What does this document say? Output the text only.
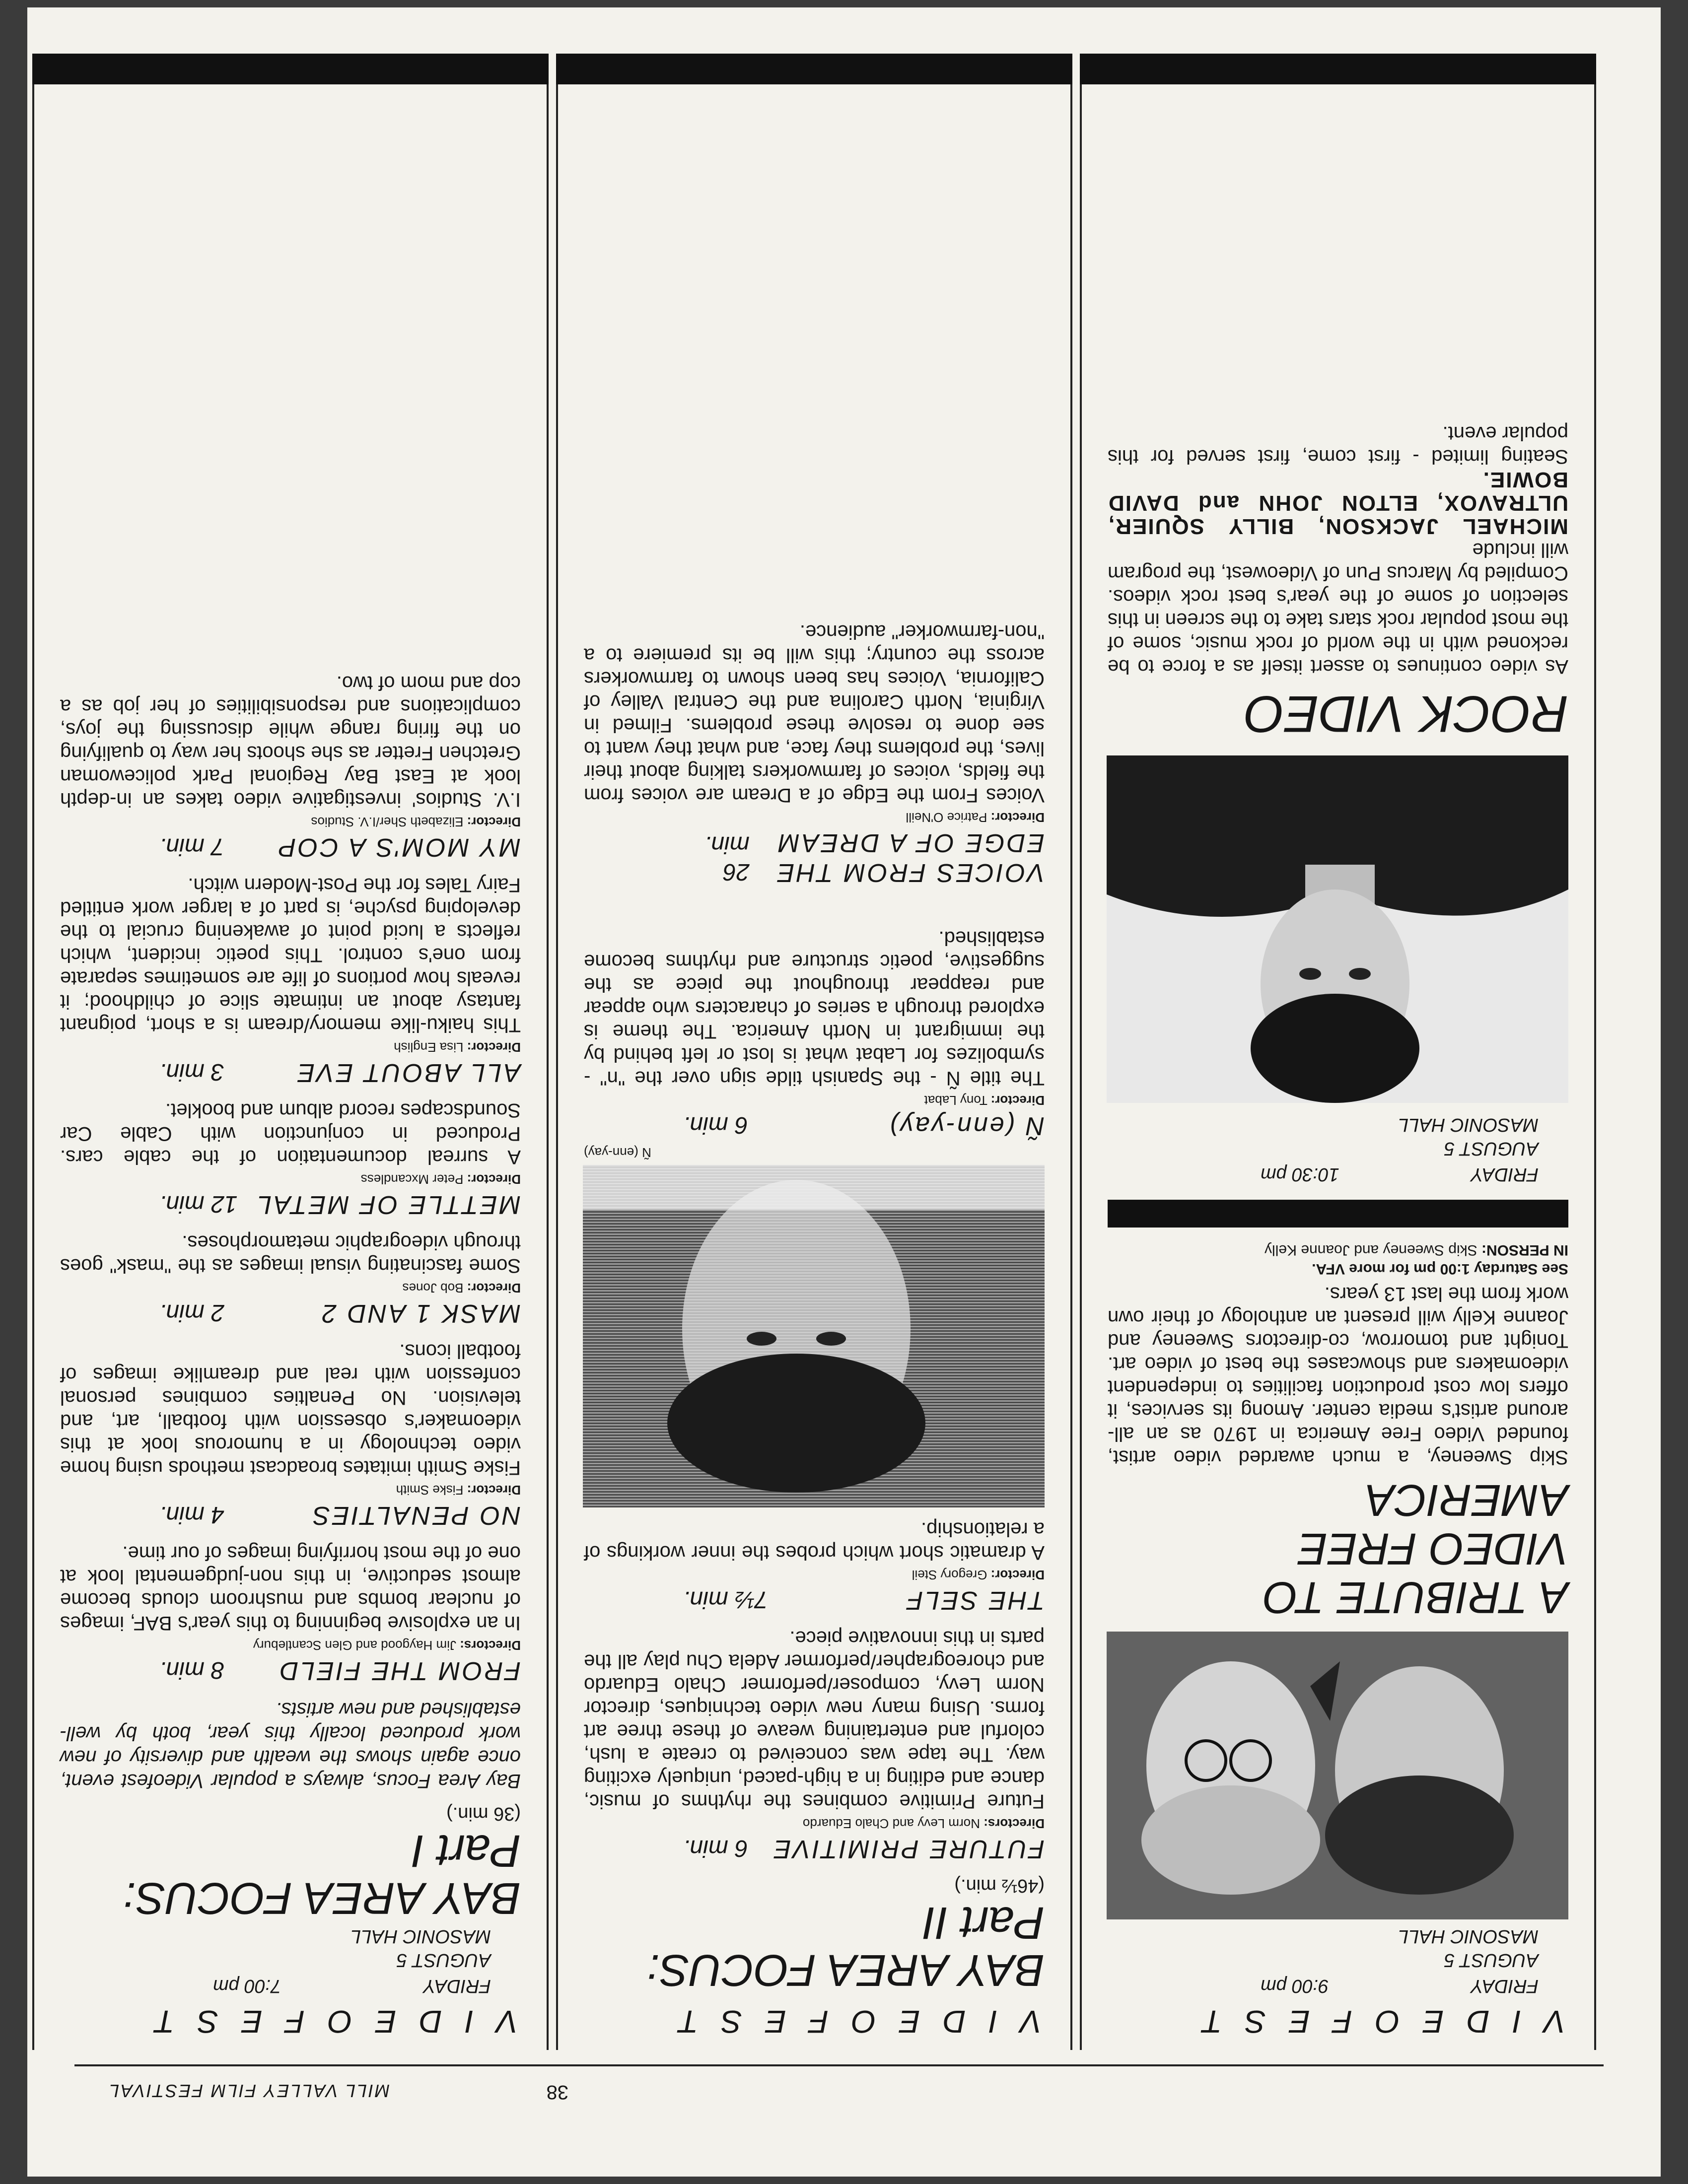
MILL VALLEY FILM FESTIVAL	38
VIDEOFEST
FRIDAY
7:00 pm
AUGUST 5
MASONIC HALL
BAY AREA FOCUS:
Part I
(36 min.)
Bay Area Focus, always a popular Videofest event, once again shows the wealth and diversity of new work produced locally this year, both by well-established and new artists.
FROM THE FIELD
8 min.
Directors: Jim Haygood and Glen Scantlebury
In an explosive beginning to this year's BAF, images of nuclear bombs and mushroom clouds become almost seductive, in this non-judgemental look at one of the most horrifying images of our time.
NO PENALTIES
4 min.
Director: Fiske Smith
Fiske Smith imitates broadcast methods using home video technology in a humorous look at this videomaker's obsession with football, art, and television. No Penalties combines personal confession with real and dreamlike images of football icons.
MASK 1 AND 2
2 min.
Director: Bob Jones
Some fascinating visual images as the "mask" goes through videographic metamorphoses.
METTLE OF METAL
12 min.
Director: Peter Mxcandless
A surreal documentation of the cable cars. Produced in conjunction with Cable Car Soundscapes record album and booklet.
ALL ABOUT EVE
3 min.
Director: Lisa English
This haiku-like memory/dream is a short, poignant fantasy about an intimate slice of childhood; it reveals how portions of life are sometimes separate from one's control. This poetic incident, which reflects a lucid point of awakening crucial to the developing psyche, is part of a larger work entitled Fairy Tales for the Post-Modern witch.
MY MOM'S A COP
7 min.
Director: Elizabeth Sher/I.V. Studios
I.V. Studios' investigative video takes an in-depth look at East Bay Regional Park policewoman Gretchen Fretter as she shoots her way to qualifying on the firing range while discussing the joys, complications and responsibilities of her job as a cop and mom of two.
VIDEOFEST
BAY AREA FOCUS:
Part II
(46½ min.)
FUTURE PRIMITIVE
6 min.
Directors: Norm Levy and Chalo Eduardo
Future Primitive combines the rhythms of music, dance and editing in a high-paced, uniquely exciting way. The tape was conceived to create a lush, colorful and entertaining weave of these three art forms. Using many new video techniques, director Norm Levy, composer/performer Chalo Eduardo and choreographer/performer Adela Chu play all the parts in this innovative piece.
THE SELF
7½ min.
Director: Gregory Steil
A dramatic short which probes the inner workings of a relationship.
Ñ (enn-yay)
Ñ (enn-yay)
6 min.
Director: Tony Labat
The title Ñ - the Spanish tilde sign over the "n" - symbolizes for Labat what is lost or left behind by the immigrant in North America. The theme is explored through a series of characters who appear and reappear throughout the piece as the suggestive, poetic structure and rhythms become established.
VOICES FROM THE EDGE OF A DREAM
26 min.
Director: Patrice O'Neill
Voices From the Edge of a Dream are voices from the fields, voices of farmworkers talking about their lives, the problems they face, and what they want to see done to resolve these problems. Filmed in Virginia, North Carolina and the Central Valley of California, Voices has been shown to farmworkers across the country; this will be its premiere to a "non-farmworker" audience.
VIDEOFEST
FRIDAY
9:00 pm
AUGUST 5
MASONIC HALL
A TRIBUTE TO
VIDEO FREE
AMERICA
Skip Sweeney, a much awarded video artist, founded Video Free America in 1970 as an all-around artist's media center. Among its services, it offers low cost production facilities to independent videomakers and showcases the best of video art. Tonight and tomorrow, co-directors Sweeney and Joanne Kelly will present an anthology of their own work from the last 13 years.
See Saturday 1:00 pm for more VFA.
IN PERSON: Skip Sweeney and Joanne Kelly
FRIDAY
10:30 pm
AUGUST 5
MASONIC HALL
ROCK VIDEO
As video continues to assert itself as a force to be reckoned with in the world of rock music, some of the most popular rock stars take to the screen in this selection of some of the year's best rock videos. Compiled by Marcus Pun of Videowest, the program will include
MICHAEL JACKSON, BILLY SQUIER, ULTRAVOX, ELTON JOHN and DAVID BOWIE.
Seating limited - first come, first served for this popular event.
